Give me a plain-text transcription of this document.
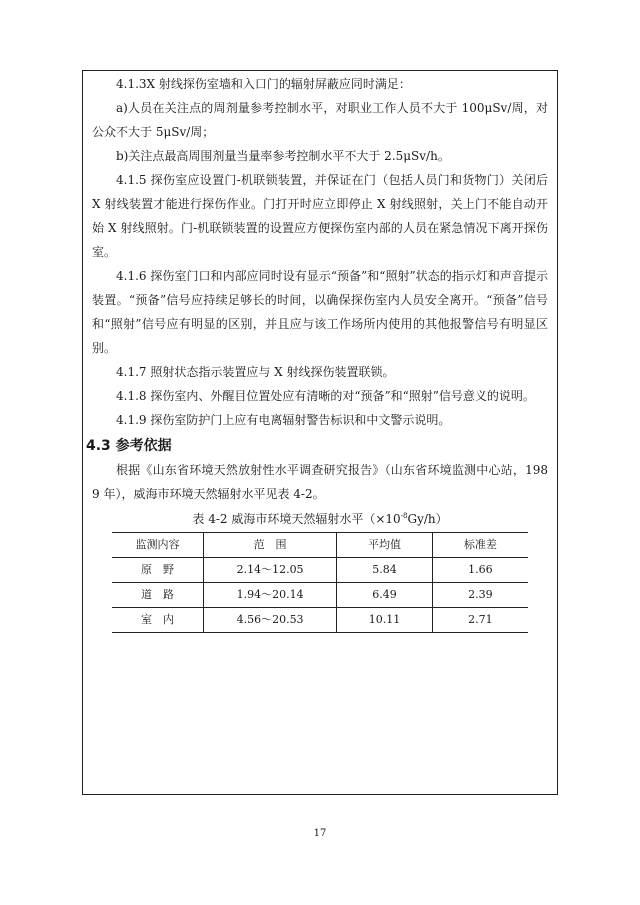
4.1.3X 射线探伤室墙和入口门的辐射屏蔽应同时满足：

a)人员在关注点的周剂量参考控制水平，对职业工作人员不大于 100μSv/周，对公众不大于 5μSv/周；

b)关注点最高周围剂量当量率参考控制水平不大于 2.5μSv/h。

4.1.5 探伤室应设置门-机联锁装置，并保证在门（包括人员门和货物门）关闭后 X 射线装置才能进行探伤作业。门打开时应立即停止 X 射线照射，关上门不能自动开始 X 射线照射。门-机联锁装置的设置应方便探伤室内部的人员在紧急情况下离开探伤室。

4.1.6 探伤室门口和内部应同时设有显示“预备”和“照射”状态的指示灯和声音提示装置。“预备”信号应持续足够长的时间，以确保探伤室内人员安全离开。“预备”信号和“照射”信号应有明显的区别，并且应与该工作场所内使用的其他报警信号有明显区别。

4.1.7 照射状态指示装置应与 X 射线探伤装置联锁。

4.1.8 探伤室内、外醒目位置处应有清晰的对“预备”和“照射”信号意义的说明。

4.1.9 探伤室防护门上应有电离辐射警告标识和中文警示说明。

4.3 参考依据

根据《山东省环境天然放射性水平调查研究报告》（山东省环境监测中心站，1989 年），威海市环境天然辐射水平见表 4-2。

表 4-2 威海市环境天然辐射水平$(\times 10^{-8}Gy/h)$
监测内容	范　围	平均值	标准差
原　野	2.14～12.05	5.84	1.66
道　路	1.94～20.14	6.49	2.39
室　内	4.56～20.53	10.11	2.71
17
